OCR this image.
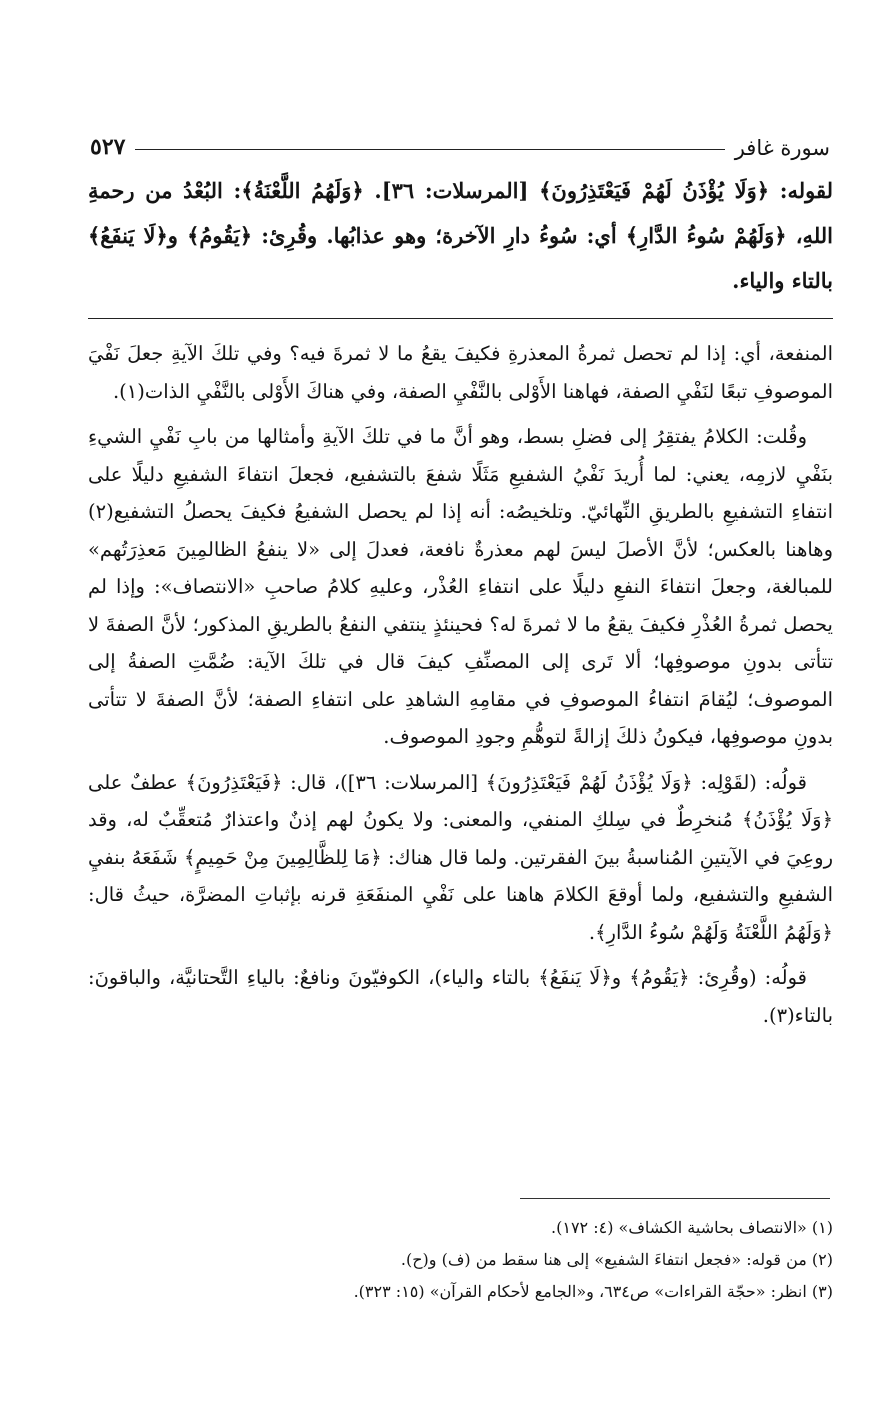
سورة غافر
٥٢٧
لقوله: ﴿وَلَا يُؤْذَنُ لَهُمْ فَيَعْتَذِرُونَ﴾ [المرسلات: ٣٦]. ﴿وَلَهُمُ اللَّعْنَةُ﴾: البُعْدُ من رحمةِ اللهِ، ﴿وَلَهُمْ سُوءُ الدَّارِ﴾ أي: سُوءُ دارِ الآخرة؛ وهو عذابُها. وقُرِئ: ﴿يَقُومُ﴾ و﴿لَا يَنفَعُ﴾ بالتاء والياء.

المنفعة، أي: إذا لم تحصل ثمرةُ المعذرةِ فكيفَ يقعُ ما لا ثمرةَ فيه؟ وفي تلكَ الآيةِ جعلَ نَفْيَ الموصوفِ تبعًا لنَفْيِ الصفة، فهاهنا الأَوْلى بالنَّفْيِ الصفة، وفي هناكَ الأَوْلى بالنَّفْيِ الذات(١).

وقُلت: الكلامُ يفتقِرُ إلى فضلِ بسط، وهو أنَّ ما في تلكَ الآيةِ وأمثالها من بابِ نَفْيِ الشيءِ بنَفْيِ لازمِه، يعني: لما أُريدَ نَفْيُ الشفيعِ مَثَلًا شفعَ بالتشفيع، فجعلَ انتفاءَ الشفيعِ دليلًا على انتفاءِ التشفيعِ بالطريقِ النِّهائيّ. وتلخيصُه: أنه إذا لم يحصل الشفيعُ فكيفَ يحصلُ التشفيع(٢) وهاهنا بالعكس؛ لأنَّ الأصلَ ليسَ لهم معذرةٌ نافعة، فعدلَ إلى «لا ينفعُ الظالمِينَ مَعذِرَتُهم» للمبالغة، وجعلَ انتفاءَ النفعِ دليلًا على انتفاءِ العُذْر، وعليهِ كلامُ صاحبِ «الانتصاف»: وإذا لم يحصل ثمرةُ العُذْرِ فكيفَ يقعُ ما لا ثمرةَ له؟ فحينئذٍ ينتفي النفعُ بالطريقِ المذكور؛ لأنَّ الصفةَ لا تتأتى بدونِ موصوفِها؛ ألا تَرى إلى المصنِّفِ كيفَ قال في تلكَ الآية: ضُمَّتِ الصفةُ إلى الموصوف؛ ليُقامَ انتفاءُ الموصوفِ في مقامِهِ الشاهدِ على انتفاءِ الصفة؛ لأنَّ الصفةَ لا تتأتى بدونِ موصوفِها، فيكونُ ذلكَ إزالةً لتوهُّمِ وجودِ الموصوف.

قولُه: (لقَوْلِه: ﴿وَلَا يُؤْذَنُ لَهُمْ فَيَعْتَذِرُونَ﴾ [المرسلات: ٣٦])، قال: ﴿فَيَعْتَذِرُونَ﴾ عطفٌ على ﴿وَلَا يُؤْذَنُ﴾ مُنخرِطٌ في سِلكِ المنفي، والمعنى: ولا يكونُ لهم إذنٌ واعتذارٌ مُتعقِّبٌ له، وقد روعِيَ في الآيتينِ المُناسبةُ بينَ الفقرتين. ولما قال هناك: ﴿مَا لِلظَّالِمِينَ مِنْ حَمِيمٍ﴾ شَفَعَهُ بنفيِ الشفيعِ والتشفيع، ولما أوقعَ الكلامَ هاهنا على نَفْيِ المنفَعَةِ قرنه بإثباتِ المضرَّة، حيثُ قال: ﴿وَلَهُمُ اللَّعْنَةُ وَلَهُمْ سُوءُ الدَّارِ﴾.

قولُه: (وقُرِئ: ﴿يَقُومُ﴾ و﴿لَا يَنفَعُ﴾ بالتاء والياء)، الكوفيّونَ ونافعٌ: بالياءِ التَّحتانيَّة، والباقونَ: بالتاء(٣).

(١) «الانتصاف بحاشية الكشاف» (٤: ١٧٢).
(٢) من قوله: «فجعل انتفاءَ الشفيع» إلى هنا سقط من (ف) و(ح).
(٣) انظر: «حجّة القراءات» ص٦٣٤، و«الجامع لأحكام القرآن» (١٥: ٣٢٣).
